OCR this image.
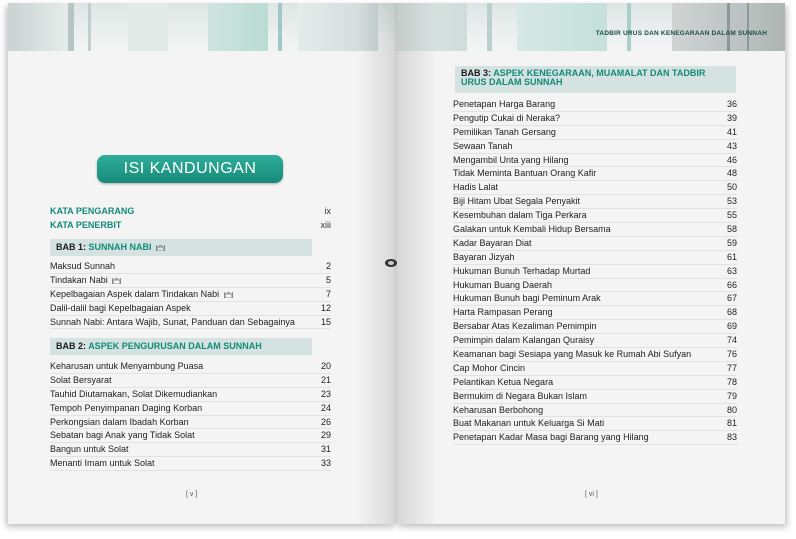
ISI KANDUNGAN
KATA PENGARANG	ix
KATA PENERBIT	xiii
BAB 1: SUNNAH NABI
Maksud Sunnah	2
Tindakan Nabi	5
Kepelbagaian Aspek dalam Tindakan Nabi	7
Dalil-dalil bagi Kepelbagaian Aspek	12
Sunnah Nabi: Antara Wajib, Sunat, Panduan dan Sebagainya	15
BAB 2: ASPEK PENGURUSAN DALAM SUNNAH
Keharusan untuk Menyambung Puasa	20
Solat Bersyarat	21
Tauhid Diutamakan, Solat Dikemudiankan	23
Tempoh Penyimpanan Daging Korban	24
Perkongsian dalam Ibadah Korban	26
Sebatan bagi Anak yang Tidak Solat	29
Bangun untuk Solat	31
Menanti Imam untuk Solat	33
[ v ]
TADBIR URUS DAN KENEGARAAN DALAM SUNNAH
BAB 3: ASPEK KENEGARAAN, MUAMALAT DAN TADBIR URUS DALAM SUNNAH
Penetapan Harga Barang	36
Pengutip Cukai di Neraka?	39
Pemilikan Tanah Gersang	41
Sewaan Tanah	43
Mengambil Unta yang Hilang	46
Tidak Meminta Bantuan Orang Kafir	48
Hadis Lalat	50
Biji Hitam Ubat Segala Penyakit	53
Kesembuhan dalam Tiga Perkara	55
Galakan untuk Kembali Hidup Bersama	58
Kadar Bayaran Diat	59
Bayaran Jizyah	61
Hukuman Bunuh Terhadap Murtad	63
Hukuman Buang Daerah	66
Hukuman Bunuh bagi Peminum Arak	67
Harta Rampasan Perang	68
Bersabar Atas Kezaliman Pemimpin	69
Pemimpin dalam Kalangan Quraisy	74
Keamanan bagi Sesiapa yang Masuk ke Rumah Abi Sufyan	76
Cap Mohor Cincin	77
Pelantikan Ketua Negara	78
Bermukim di Negara Bukan Islam	79
Keharusan Berbohong	80
Buat Makanan untuk Keluarga Si Mati	81
Penetapan Kadar Masa bagi Barang yang Hilang	83
[ vi ]
